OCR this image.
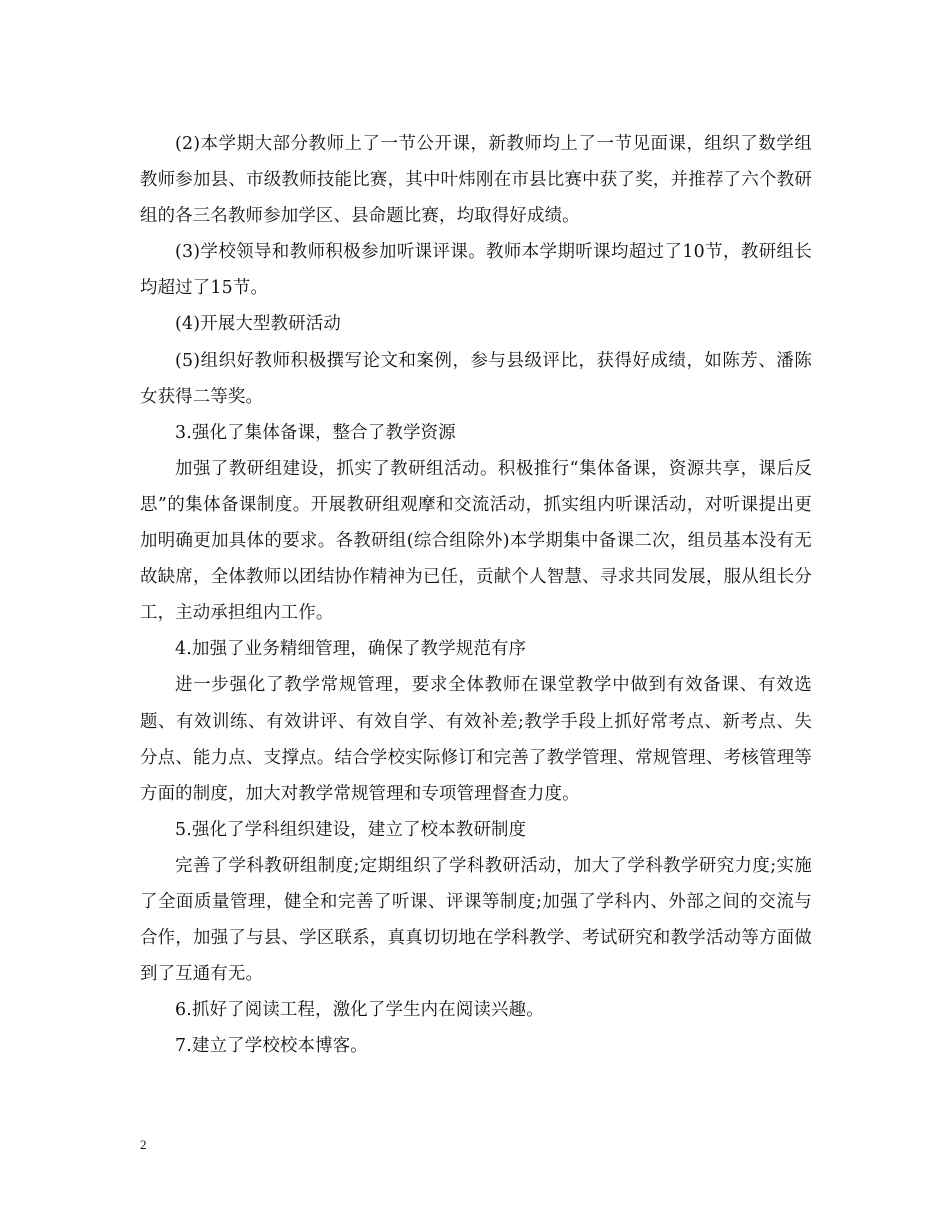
(2)本学期大部分教师上了一节公开课，新教师均上了一节见面课，组织了数学组教师参加县、市级教师技能比赛，其中叶炜刚在市县比赛中获了奖，并推荐了六个教研组的各三名教师参加学区、县命题比赛，均取得好成绩。

(3)学校领导和教师积极参加听课评课。教师本学期听课均超过了10节，教研组长均超过了15节。

(4)开展大型教研活动

(5)组织好教师积极撰写论文和案例，参与县级评比，获得好成绩，如陈芳、潘陈女获得二等奖。

3.强化了集体备课，整合了教学资源

加强了教研组建设，抓实了教研组活动。积极推行“集体备课，资源共享，课后反思”的集体备课制度。开展教研组观摩和交流活动，抓实组内听课活动，对听课提出更加明确更加具体的要求。各教研组(综合组除外)本学期集中备课二次，组员基本没有无故缺席，全体教师以团结协作精神为已任，贡献个人智慧、寻求共同发展，服从组长分工，主动承担组内工作。

4.加强了业务精细管理，确保了教学规范有序

进一步强化了教学常规管理，要求全体教师在课堂教学中做到有效备课、有效选题、有效训练、有效讲评、有效自学、有效补差;教学手段上抓好常考点、新考点、失分点、能力点、支撑点。结合学校实际修订和完善了教学管理、常规管理、考核管理等方面的制度，加大对教学常规管理和专项管理督查力度。

5.强化了学科组织建设，建立了校本教研制度

完善了学科教研组制度;定期组织了学科教研活动，加大了学科教学研究力度;实施了全面质量管理，健全和完善了听课、评课等制度;加强了学科内、外部之间的交流与合作，加强了与县、学区联系，真真切切地在学科教学、考试研究和教学活动等方面做到了互通有无。

6.抓好了阅读工程，激化了学生内在阅读兴趣。

7.建立了学校校本博客。

2
